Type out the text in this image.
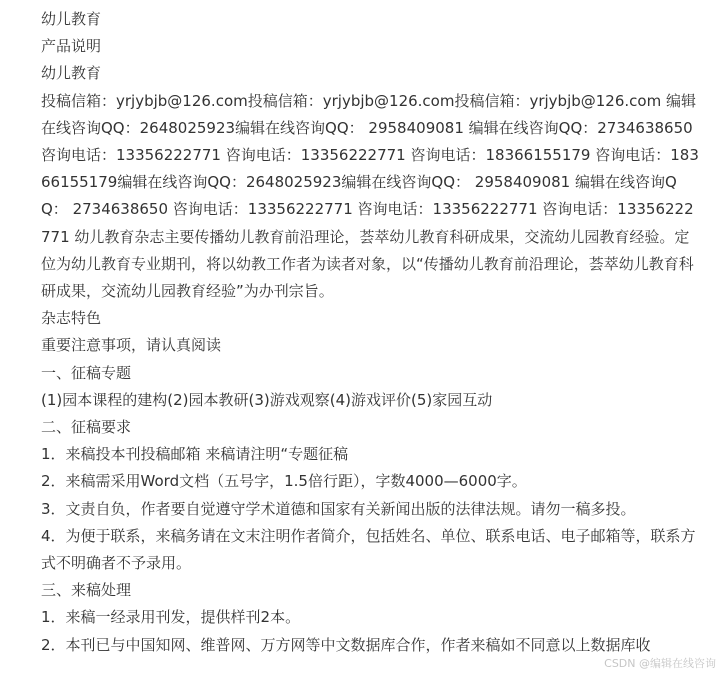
幼儿教育
产品说明
幼儿教育
投稿信箱：yrjybjb@126.com投稿信箱：yrjybjb@126.com投稿信箱：yrjybjb@126.com 编辑在线咨询QQ：2648025923编辑在线咨询QQ： 2958409081 编辑在线咨询QQ：2734638650 咨询电话：13356222771 咨询电话：13356222771 咨询电话：18366155179 咨询电话：18366155179编辑在线咨询QQ：2648025923编辑在线咨询QQ： 2958409081 编辑在线咨询QQ： 2734638650 咨询电话：13356222771 咨询电话：13356222771 咨询电话：13356222771 幼儿教育杂志主要传播幼儿教育前沿理论，荟萃幼儿教育科研成果，交流幼儿园教育经验。定位为幼儿教育专业期刊，将以幼教工作者为读者对象，以“传播幼儿教育前沿理论，荟萃幼儿教育科研成果，交流幼儿园教育经验”为办刊宗旨。
杂志特色
重要注意事项，请认真阅读
一、征稿专题
(1)园本课程的建构(2)园本教研(3)游戏观察(4)游戏评价(5)家园互动
二、征稿要求
1．来稿投本刊投稿邮箱 来稿请注明“专题征稿
2．来稿需采用Word文档（五号字，1.5倍行距），字数4000—6000字。
3．文责自负，作者要自觉遵守学术道德和国家有关新闻出版的法律法规。请勿一稿多投。
4．为便于联系，来稿务请在文末注明作者简介，包括姓名、单位、联系电话、电子邮箱等，联系方式不明确者不予录用。
三、来稿处理
1．来稿一经录用刊发，提供样刊2本。
2．本刊已与中国知网、维普网、万方网等中文数据库合作，作者来稿如不同意以上数据库收
CSDN @编辑在线咨询
